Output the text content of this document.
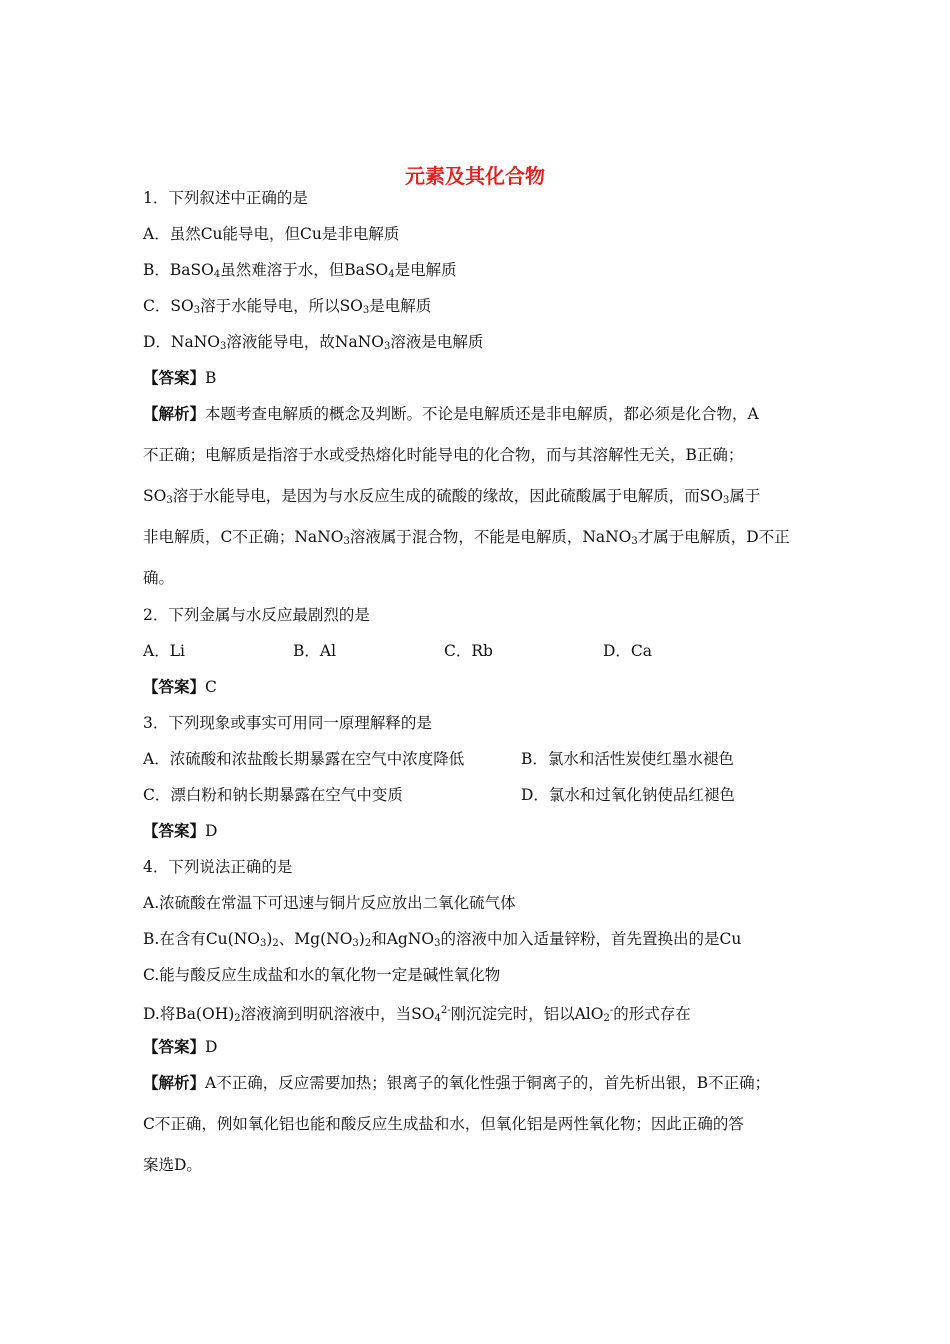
元素及其化合物
1．下列叙述中正确的是
A．虽然Cu能导电，但Cu是非电解质
B．BaSO$_4$虽然难溶于水，但BaSO$_4$是电解质
C．$SO_3$溶于水能导电，所以$SO_3$是电解质
D．NaNO$_3$溶液能导电，故NaNO$_3$溶液是电解质
【答案】B
【解析】本题考查电解质的概念及判断。不论是电解质还是非电解质，都必须是化合物，A
不正确；电解质是指溶于水或受热熔化时能导电的化合物，而与其溶解性无关，B正确；
$SO_3$溶于水能导电，是因为与水反应生成的硫酸的缘故，因此硫酸属于电解质，而$SO_3$属于
非电解质，C不正确；NaNO$_3$溶液属于混合物，不能是电解质，NaNO$_3$才属于电解质，D不正
确。
2．下列金属与水反应最剧烈的是
A．Li	B．Al	C．Rb	D．Ca
【答案】C
3．下列现象或事实可用同一原理解释的是
A．浓硫酸和浓盐酸长期暴露在空气中浓度降低	B．氯水和活性炭使红墨水褪色
C．漂白粉和钠长期暴露在空气中变质	D．氯水和过氧化钠使品红褪色
【答案】D
4．下列说法正确的是
A.浓硫酸在常温下可迅速与铜片反应放出二氧化硫气体
B.在含有$Cu(NO_3)_2$、$Mg(NO_3)_2$和AgNO$_3$的溶液中加入适量锌粉，首先置换出的是Cu
C.能与酸反应生成盐和水的氧化物一定是碱性氧化物
D.将$Ba(OH)_2$溶液滴到明矾溶液中，当$SO_4^{2-}$刚沉淀完时，铝以AlO$_2$-的形式存在
【答案】D
【解析】A不正确，反应需要加热；银离子的氧化性强于铜离子的，首先析出银，B不正确；
C不正确，例如氧化铝也能和酸反应生成盐和水，但氧化铝是两性氧化物；因此正确的答
案选D。
